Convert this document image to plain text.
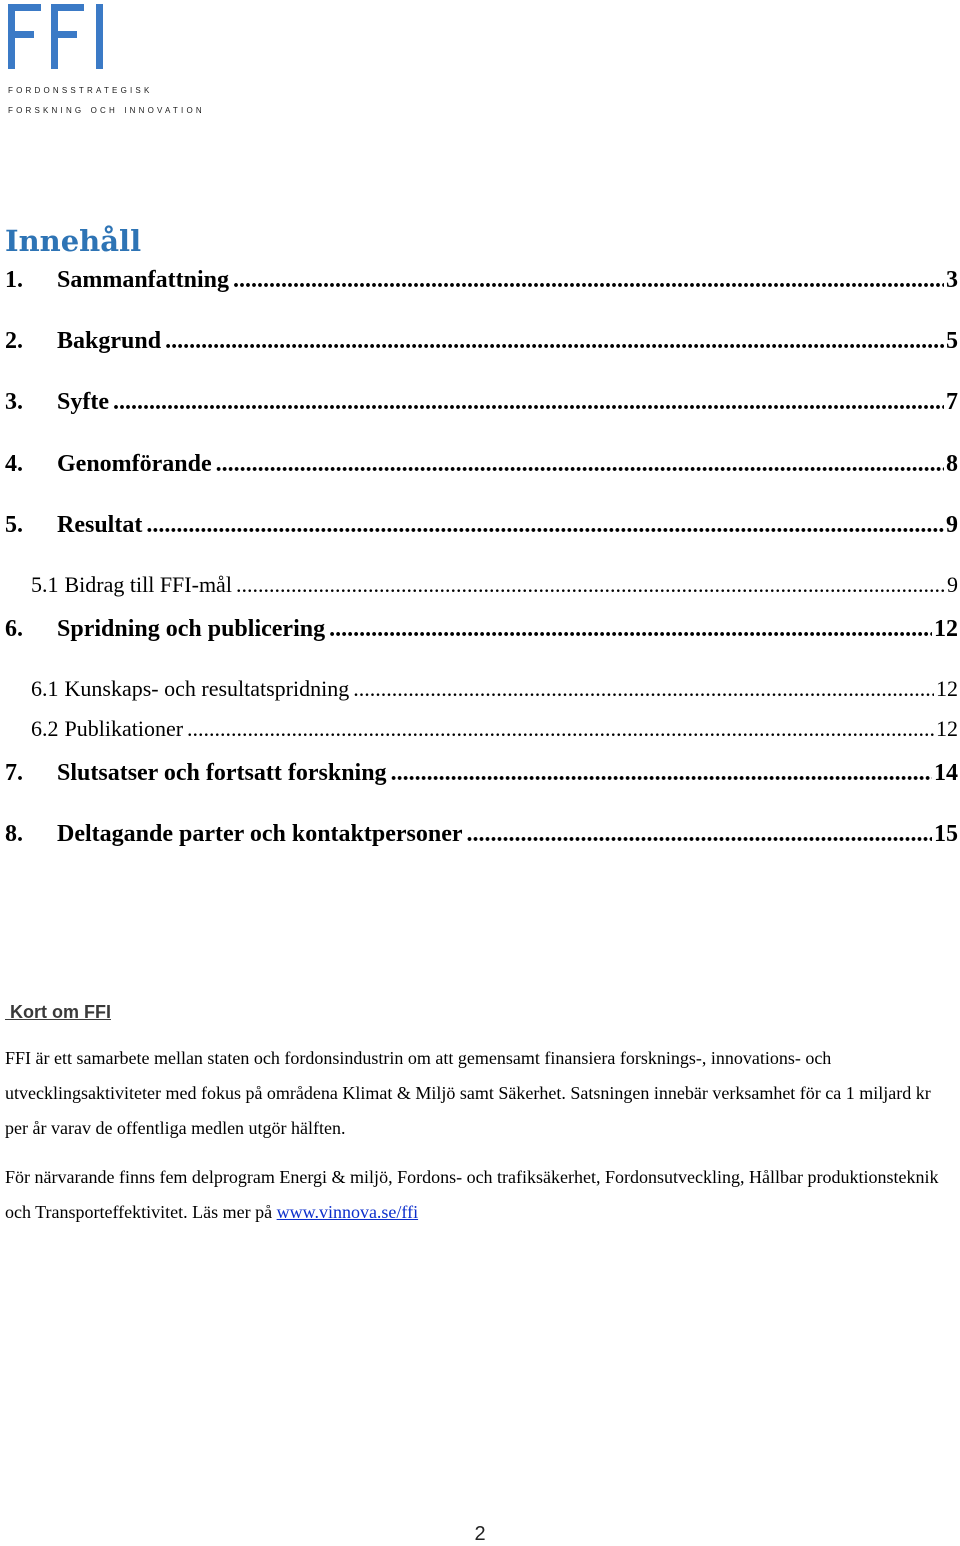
fordonsstrategisk
forskning och innovation
Innehåll
1.	Sammanfattning .....	3
2.	Bakgrund .....	5
3.	Syfte .....	7
4.	Genomförande .....	8
5.	Resultat .....	9
5.1 Bidrag till FFI-mål .....	9
6.	Spridning och publicering .....	12
6.1 Kunskaps- och resultatspridning .....	12
6.2 Publikationer .....	12
7.	Slutsatser och fortsatt forskning .....	14
8.	Deltagande parter och kontaktpersoner .....	15
Kort om FFI

FFI är ett samarbete mellan staten och fordonsindustrin om att gemensamt finansiera forsknings-, innovations- och utvecklingsaktiviteter med fokus på områdena Klimat & Miljö samt Säkerhet. Satsningen innebär verksamhet för ca 1 miljard kr per år varav de offentliga medlen utgör hälften.

För närvarande finns fem delprogram Energi & miljö, Fordons- och trafiksäkerhet, Fordonsutveckling, Hållbar produktionsteknik och Transporteffektivitet. Läs mer på www.vinnova.se/ffi

2
